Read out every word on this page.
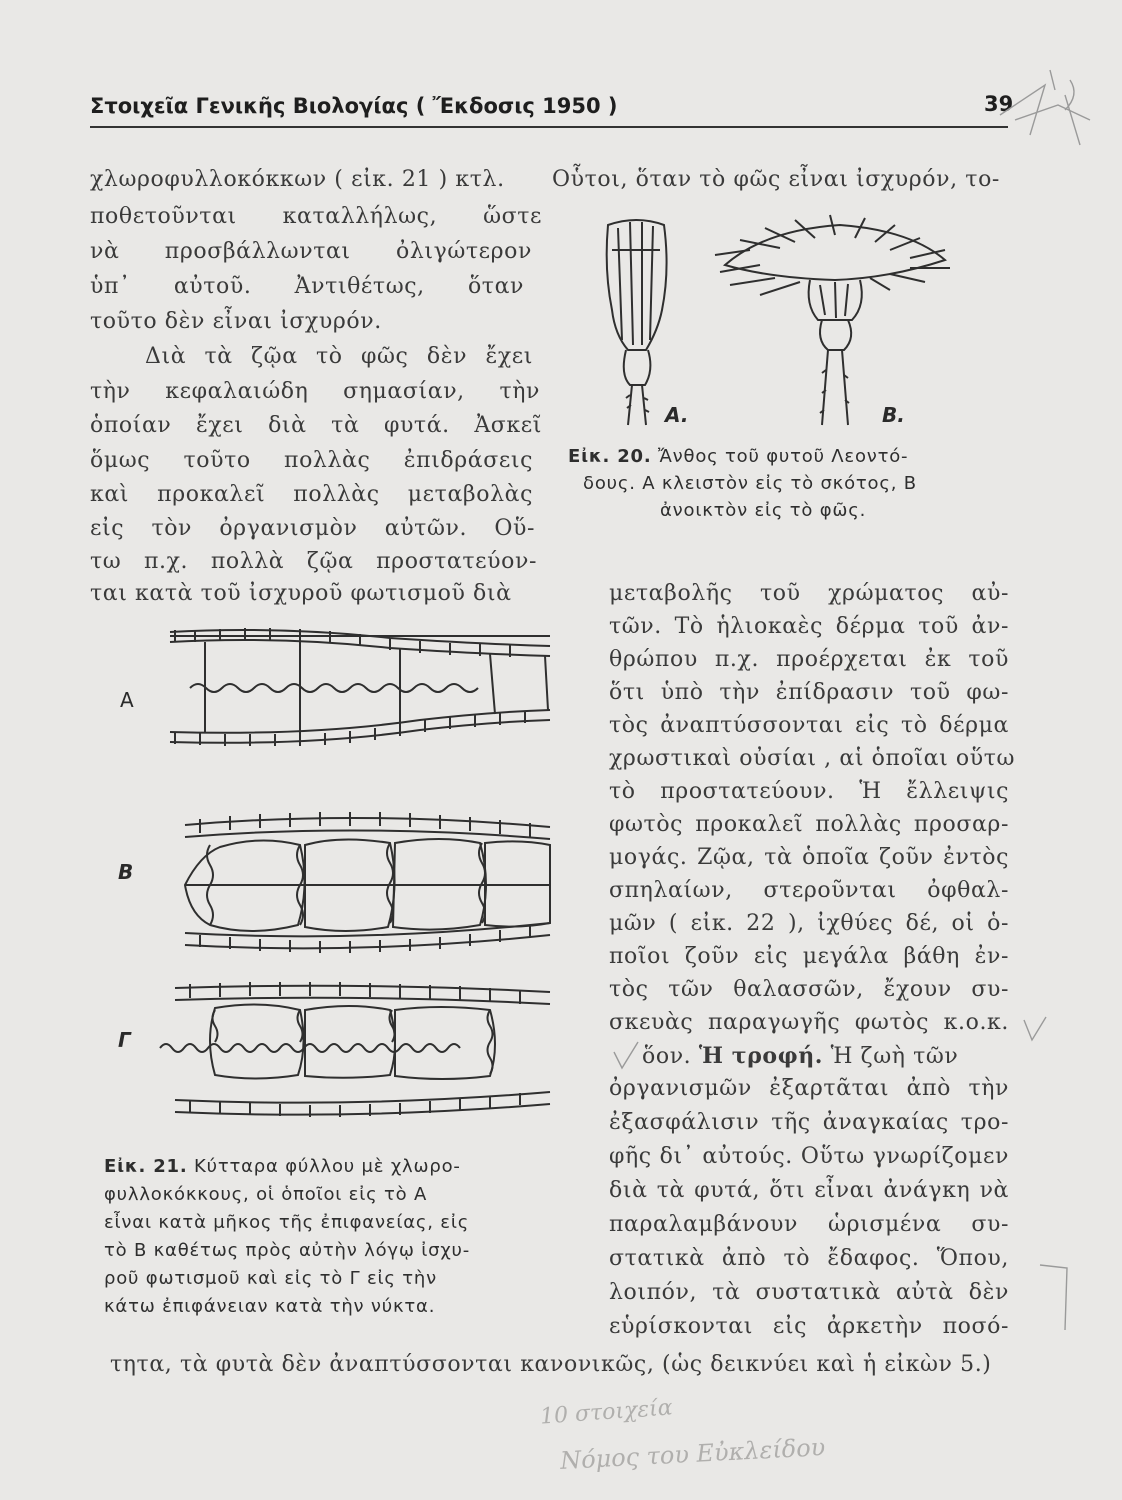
Στοιχεῖα Γενικῆς Βιολογίας ( Ἔκδοσις 1950 )	39
χλωροφυλλοκόκκων ( εἰκ. 21 ) κτλ. Οὗτοι, ὅταν τὸ φῶς εἶναι ἰσχυρόν, το-
ποθετοῦνται καταλλήλως, ὥστε
νὰ προσβάλλωνται ὀλιγώτερον
ὑπ᾽ αὐτοῦ. Ἀντιθέτως, ὅταν
τοῦτο δὲν εἶναι ἰσχυρόν.
Διὰ τὰ ζῷα τὸ φῶς δὲν ἔχει
τὴν κεφαλαιώδη σημασίαν, τὴν
ὁποίαν ἔχει διὰ τὰ φυτά. Ἀσκεῖ
ὅμως τοῦτο πολλὰς ἐπιδράσεις
καὶ προκαλεῖ πολλὰς μεταβολὰς
εἰς τὸν ὀργανισμὸν αὐτῶν. Οὕ-
τω π.χ. πολλὰ ζῷα προστατεύον-
ται κατὰ τοῦ ἰσχυροῦ φωτισμοῦ διὰ
A.	B.
Εἰκ. 20. Ἄνθος τοῦ φυτοῦ Λεοντό-
δους. Α κλειστὸν εἰς τὸ σκότος, Β
ἀνοικτὸν εἰς τὸ φῶς.
μεταβολῆς τοῦ χρώματος αὐ-
τῶν. Τὸ ἡλιοκαὲς δέρμα τοῦ ἀν-
θρώπου π.χ. προέρχεται ἐκ τοῦ
ὅτι ὑπὸ τὴν ἐπίδρασιν τοῦ φω-
τὸς ἀναπτύσσονται εἰς τὸ δέρμα
χρωστικαὶ οὐσίαι , αἱ ὁποῖαι οὕτω
τὸ προστατεύουν. Ἡ ἔλλειψις
φωτὸς προκαλεῖ πολλὰς προσαρ-
μογάς. Ζῷα, τὰ ὁποῖα ζοῦν ἐντὸς
σπηλαίων, στεροῦνται ὀφθαλ-
μῶν ( εἰκ. 22 ), ἰχθύες δέ, οἱ ὁ-
ποῖοι ζοῦν εἰς μεγάλα βάθη ἐν-
τὸς τῶν θαλασσῶν, ἔχουν συ-
σκευὰς παραγωγῆς φωτὸς κ.ο.κ.
ὅον. Ἡ τροφή. Ἡ ζωὴ τῶν
ὀργανισμῶν ἐξαρτᾶται ἀπὸ τὴν
ἐξασφάλισιν τῆς ἀναγκαίας τρο-
φῆς δι᾽ αὐτούς. Οὕτω γνωρίζομεν
διὰ τὰ φυτά, ὅτι εἶναι ἀνάγκη νὰ
παραλαμβάνουν ὡρισμένα συ-
στατικὰ ἀπὸ τὸ ἔδαφος. Ὅπου,
λοιπόν, τὰ συστατικὰ αὐτὰ δὲν
εὑρίσκονται εἰς ἀρκετὴν ποσό-
τητα, τὰ φυτὰ δὲν ἀναπτύσσονται κανονικῶς, (ὡς δεικνύει καὶ ἡ εἰκὼν 5.)
A
B
Γ
Εἰκ. 21. Κύτταρα φύλλου μὲ χλωρο-
φυλλοκόκκους, οἱ ὁποῖοι εἰς τὸ Α
εἶναι κατὰ μῆκος τῆς ἐπιφανείας, εἰς
τὸ Β καθέτως πρὸς αὐτὴν λόγῳ ἰσχυ-
ροῦ φωτισμοῦ καὶ εἰς τὸ Γ εἰς τὴν
κάτω ἐπιφάνειαν κατὰ τὴν νύκτα.
10 στοιχεία
Νόμος του Εὐκλείδου
